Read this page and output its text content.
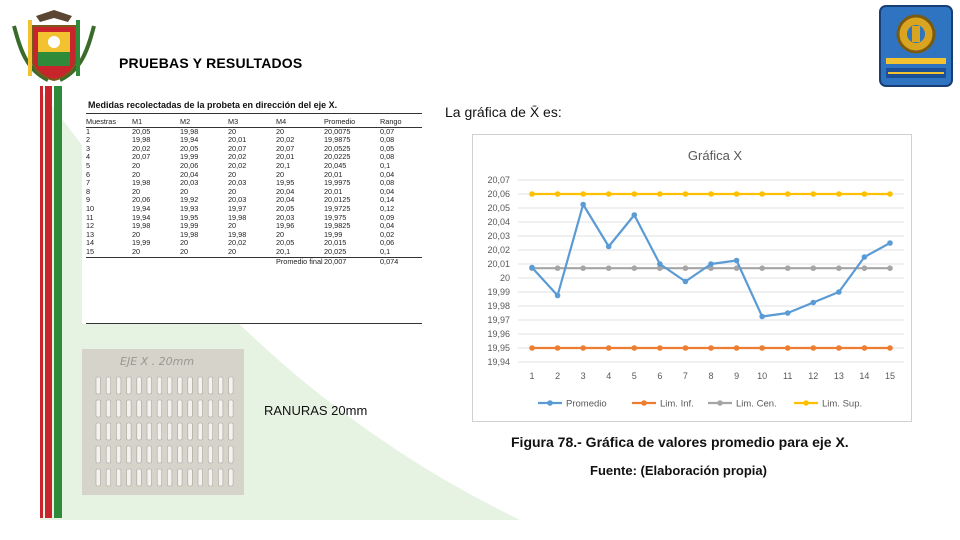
PRUEBAS Y RESULTADOS
Medidas recolectadas de la probeta en dirección del eje X.
Muestras	M1	M2	M3	M4	Promedio	Rango
1	20,05	19,98	20	20	20,0075	0,07
2	19,98	19,94	20,01	20,02	19,9875	0,08
3	20,02	20,05	20,07	20,07	20,0525	0,05
4	20,07	19,99	20,02	20,01	20,0225	0,08
5	20	20,06	20,02	20,1	20,045	0,1
6	20	20,04	20	20	20,01	0,04
7	19,98	20,03	20,03	19,95	19,9975	0,08
8	20	20	20	20,04	20,01	0,04
9	20,06	19,92	20,03	20,04	20,0125	0,14
10	19,94	19,93	19,97	20,05	19,9725	0,12
11	19,94	19,95	19,98	20,03	19,975	0,09
12	19,98	19,99	20	19,96	19,9825	0,04
13	20	19,98	19,98	20	19,99	0,02
14	19,99	20	20,02	20,05	20,015	0,06
15	20	20	20	20,1	20,025	0,1
				Promedio final	20,007	0,074
EJE X . 20mm
RANURAS 20mm
La gráfica de X̄ es:
Gráfica X
19,94
19,95
19,96
19,97
19,98
19,99
20
20,01
20,02
20,03
20,04
20,05
20,06
20,07
1 2 3 4 5 6 7 8 9 10 11 12 13 14 15
Promedio	Lim. Inf.	Lim. Cen.	Lim. Sup.
Figura 78.- Gráfica de valores promedio para eje X.
Fuente: (Elaboración propia)
